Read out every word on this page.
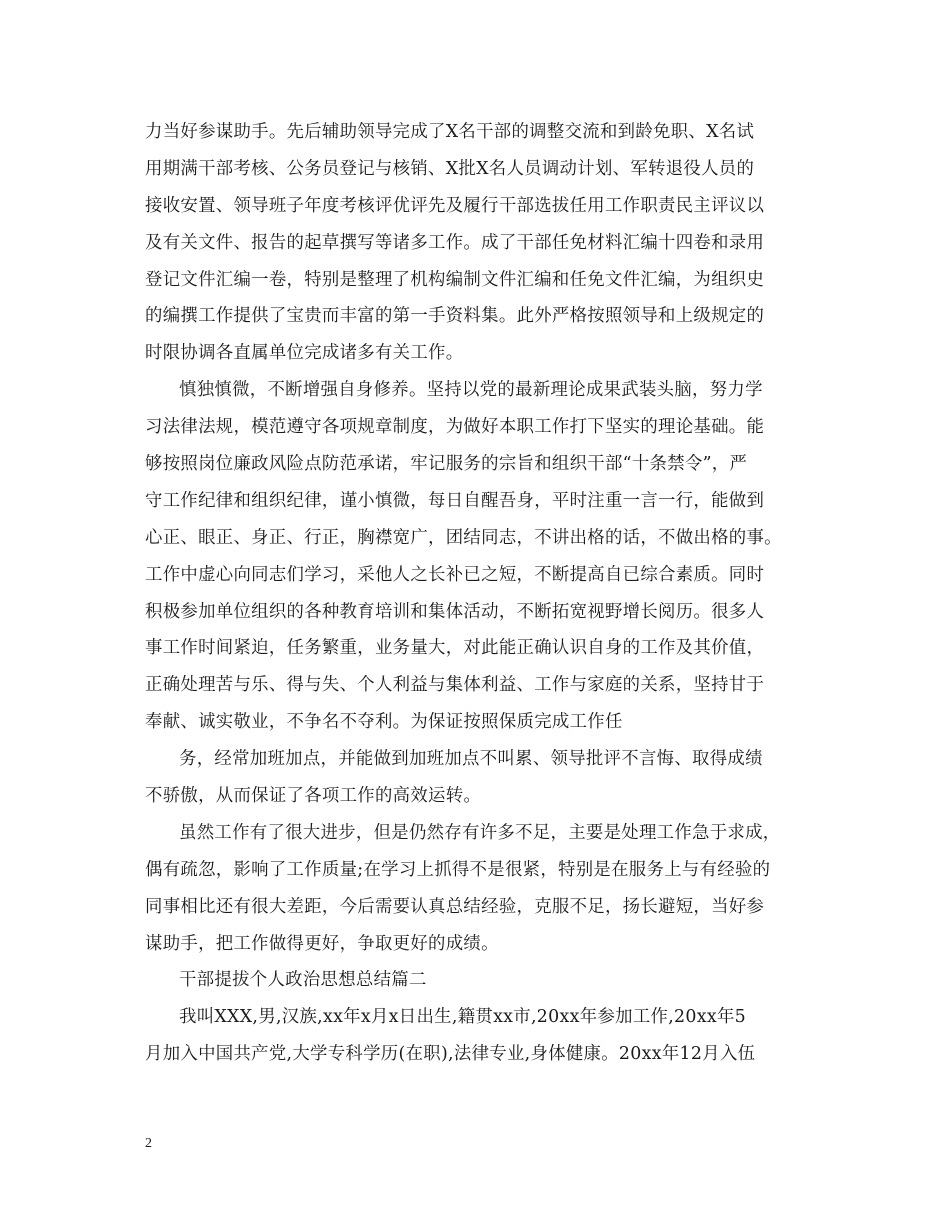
力当好参谋助手。先后辅助领导完成了X名干部的调整交流和到龄免职、X名试
用期满干部考核、公务员登记与核销、X批X名人员调动计划、军转退役人员的
接收安置、领导班子年度考核评优评先及履行干部选拔任用工作职责民主评议以
及有关文件、报告的起草撰写等诸多工作。成了干部任免材料汇编十四卷和录用
登记文件汇编一卷，特别是整理了机构编制文件汇编和任免文件汇编，为组织史
的编撰工作提供了宝贵而丰富的第一手资料集。此外严格按照领导和上级规定的
时限协调各直属单位完成诸多有关工作。
慎独慎微，不断增强自身修养。坚持以党的最新理论成果武装头脑，努力学
习法律法规，模范遵守各项规章制度，为做好本职工作打下坚实的理论基础。能
够按照岗位廉政风险点防范承诺，牢记服务的宗旨和组织干部“十条禁令”，严
守工作纪律和组织纪律，谨小慎微，每日自醒吾身，平时注重一言一行，能做到
心正、眼正、身正、行正，胸襟宽广，团结同志，不讲出格的话，不做出格的事。
工作中虚心向同志们学习，采他人之长补已之短，不断提高自已综合素质。同时
积极参加单位组织的各种教育培训和集体活动，不断拓宽视野增长阅历。很多人
事工作时间紧迫，任务繁重，业务量大，对此能正确认识自身的工作及其价值，
正确处理苦与乐、得与失、个人利益与集体利益、工作与家庭的关系，坚持甘于
奉献、诚实敬业，不争名不夺利。为保证按照保质完成工作任
务，经常加班加点，并能做到加班加点不叫累、领导批评不言悔、取得成绩
不骄傲，从而保证了各项工作的高效运转。
虽然工作有了很大进步，但是仍然存有许多不足，主要是处理工作急于求成，
偶有疏忽，影响了工作质量;在学习上抓得不是很紧，特别是在服务上与有经验的
同事相比还有很大差距，今后需要认真总结经验，克服不足，扬长避短，当好参
谋助手，把工作做得更好，争取更好的成绩。
干部提拔个人政治思想总结篇二
我叫XXX,男,汉族,xx年x月x日出生,籍贯xx市,20xx年参加工作,20xx年5
月加入中国共产党,大学专科学历(在职),法律专业,身体健康。20xx年12月入伍
2
